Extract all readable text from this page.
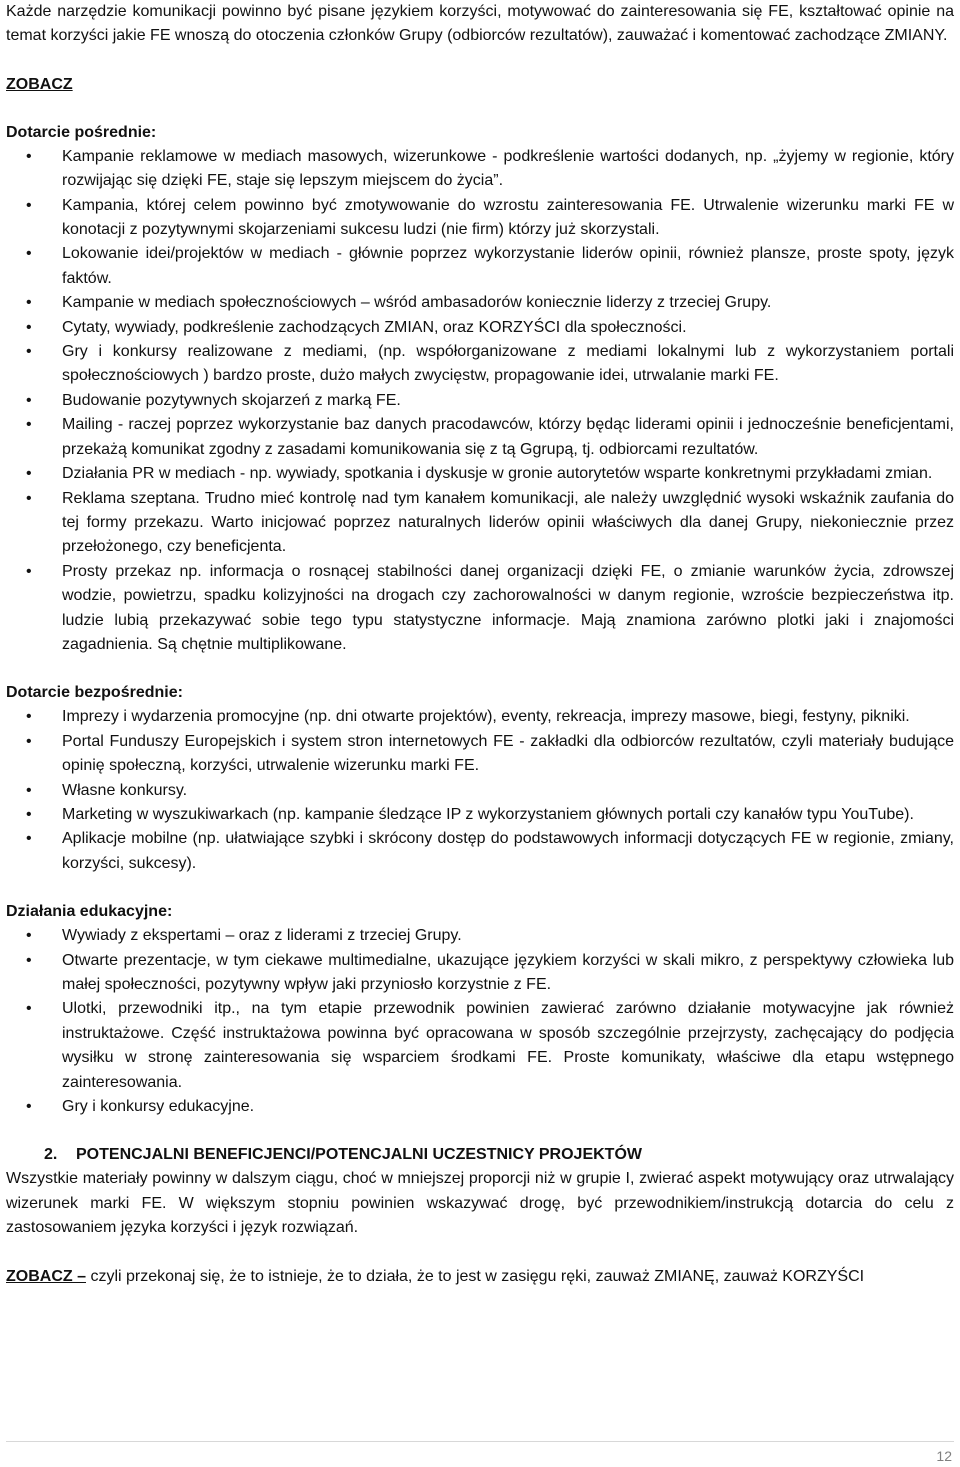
Każde narzędzie komunikacji powinno być pisane językiem korzyści, motywować do zainteresowania się FE, kształtować opinie na temat korzyści jakie FE wnoszą do otoczenia członków Grupy (odbiorców rezultatów), zauważać i komentować zachodzące ZMIANY.

ZOBACZ

Dotarcie pośrednie:

• Kampanie reklamowe w mediach masowych, wizerunkowe - podkreślenie wartości dodanych, np. „żyjemy w regionie, który rozwijając się dzięki FE, staje się lepszym miejscem do życia”.
• Kampania, której celem powinno być zmotywowanie do wzrostu zainteresowania FE. Utrwalenie wizerunku marki FE w konotacji z pozytywnymi skojarzeniami sukcesu ludzi (nie firm) którzy już skorzystali.
• Lokowanie idei/projektów w mediach - głównie poprzez wykorzystanie liderów opinii, również plansze, proste spoty, język faktów.
• Kampanie w mediach społecznościowych – wśród ambasadorów koniecznie liderzy z trzeciej Grupy.
• Cytaty, wywiady, podkreślenie zachodzących ZMIAN, oraz KORZYŚCI dla społeczności.
• Gry i konkursy realizowane z mediami, (np. współorganizowane z mediami lokalnymi lub z wykorzystaniem portali społecznościowych ) bardzo proste, dużo małych zwycięstw, propagowanie idei, utrwalanie marki FE.
• Budowanie pozytywnych skojarzeń z marką FE.
• Mailing - raczej poprzez wykorzystanie baz danych pracodawców, którzy będąc liderami opinii i jednocześnie beneficjentami, przekażą komunikat zgodny z zasadami komunikowania się z tą Ggrupą, tj. odbiorcami rezultatów.
• Działania PR w mediach - np. wywiady, spotkania i dyskusje w gronie autorytetów wsparte konkretnymi przykładami zmian.
• Reklama szeptana. Trudno mieć kontrolę nad tym kanałem komunikacji, ale należy uwzględnić wysoki wskaźnik zaufania do tej formy przekazu. Warto inicjować poprzez naturalnych liderów opinii właściwych dla danej Grupy, niekoniecznie przez przełożonego, czy beneficjenta.
• Prosty przekaz np. informacja o rosnącej stabilności danej organizacji dzięki FE, o zmianie warunków życia, zdrowszej wodzie, powietrzu, spadku kolizyjności na drogach czy zachorowalności w danym regionie, wzroście bezpieczeństwa itp. ludzie lubią przekazywać sobie tego typu statystyczne informacje. Mają znamiona zarówno plotki jaki i znajomości zagadnienia. Są chętnie multiplikowane.

Dotarcie bezpośrednie:

• Imprezy i wydarzenia promocyjne (np. dni otwarte projektów), eventy, rekreacja, imprezy masowe, biegi, festyny, pikniki.
• Portal Funduszy Europejskich i system stron internetowych FE - zakładki dla odbiorców rezultatów, czyli materiały budujące opinię społeczną, korzyści, utrwalenie wizerunku marki FE.
• Własne konkursy.
• Marketing w wyszukiwarkach (np. kampanie śledzące IP z wykorzystaniem głównych portali czy kanałów typu YouTube).
• Aplikacje mobilne (np. ułatwiające szybki i skrócony dostęp do podstawowych informacji dotyczących FE w regionie, zmiany, korzyści, sukcesy).

Działania edukacyjne:

• Wywiady z ekspertami – oraz z liderami z trzeciej Grupy.
• Otwarte prezentacje, w tym ciekawe multimedialne, ukazujące językiem korzyści w skali mikro, z perspektywy człowieka lub małej społeczności, pozytywny wpływ jaki przyniosło korzystnie z FE.
• Ulotki, przewodniki itp., na tym etapie przewodnik powinien zawierać zarówno działanie motywacyjne jak również instruktażowe. Część instruktażowa powinna być opracowana w sposób szczególnie przejrzysty, zachęcający do podjęcia wysiłku w stronę zainteresowania się wsparciem środkami FE. Proste komunikaty, właściwe dla etapu wstępnego zainteresowania.
• Gry i konkursy edukacyjne.

2. POTENCJALNI BENEFICJENCI/POTENCJALNI UCZESTNICY PROJEKTÓW

Wszystkie materiały powinny w dalszym ciągu, choć w mniejszej proporcji niż w grupie I, zwierać aspekt motywujący oraz utrwalający wizerunek marki FE. W większym stopniu powinien wskazywać drogę, być przewodnikiem/instrukcją dotarcia do celu z zastosowaniem języka korzyści i język rozwiązań.

ZOBACZ – czyli przekonaj się, że to istnieje, że to działa, że to jest w zasięgu ręki, zauważ ZMIANĘ, zauważ KORZYŚCI
12
